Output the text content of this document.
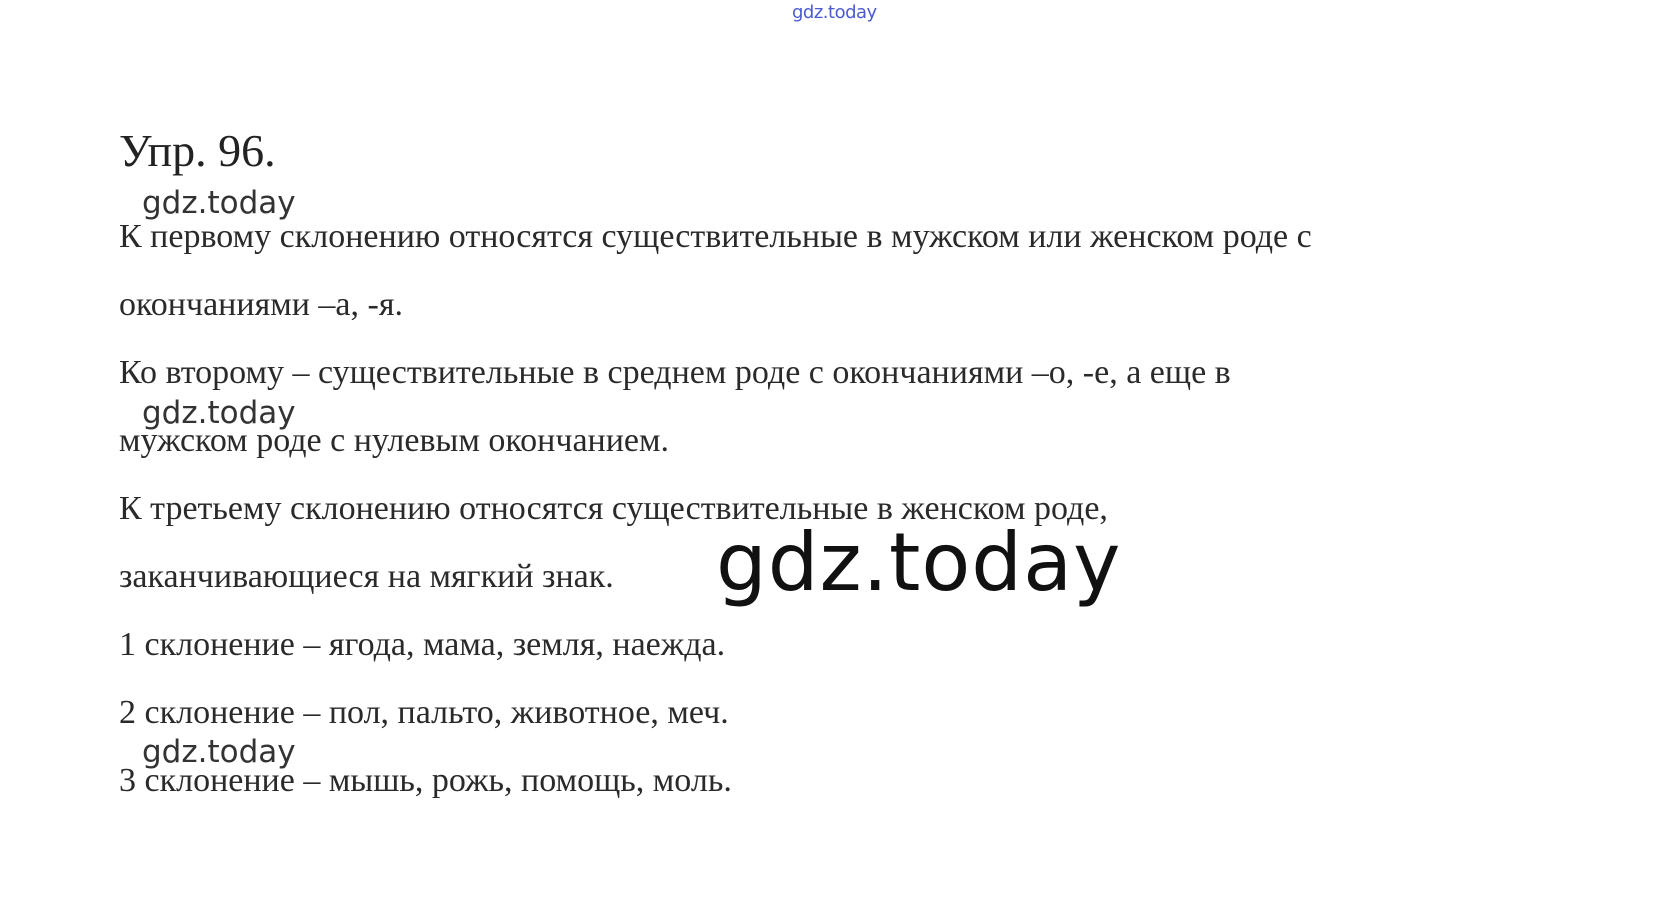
gdz.today
Упр. 96.
gdz.today
К первому склонению относятся существительные в мужском или женском роде с
окончаниями –а, -я.
Ко второму – существительные в среднем роде с окончаниями –о, -е, а еще в
gdz.today
мужском роде с нулевым окончанием.
К третьему склонению относятся существительные в женском роде,
заканчивающиеся на мягкий знак. gdz.today
1 склонение – ягода, мама, земля, наежда.
2 склонение – пол, пальто, животное, меч.
gdz.today
3 склонение – мышь, рожь, помощь, моль.
